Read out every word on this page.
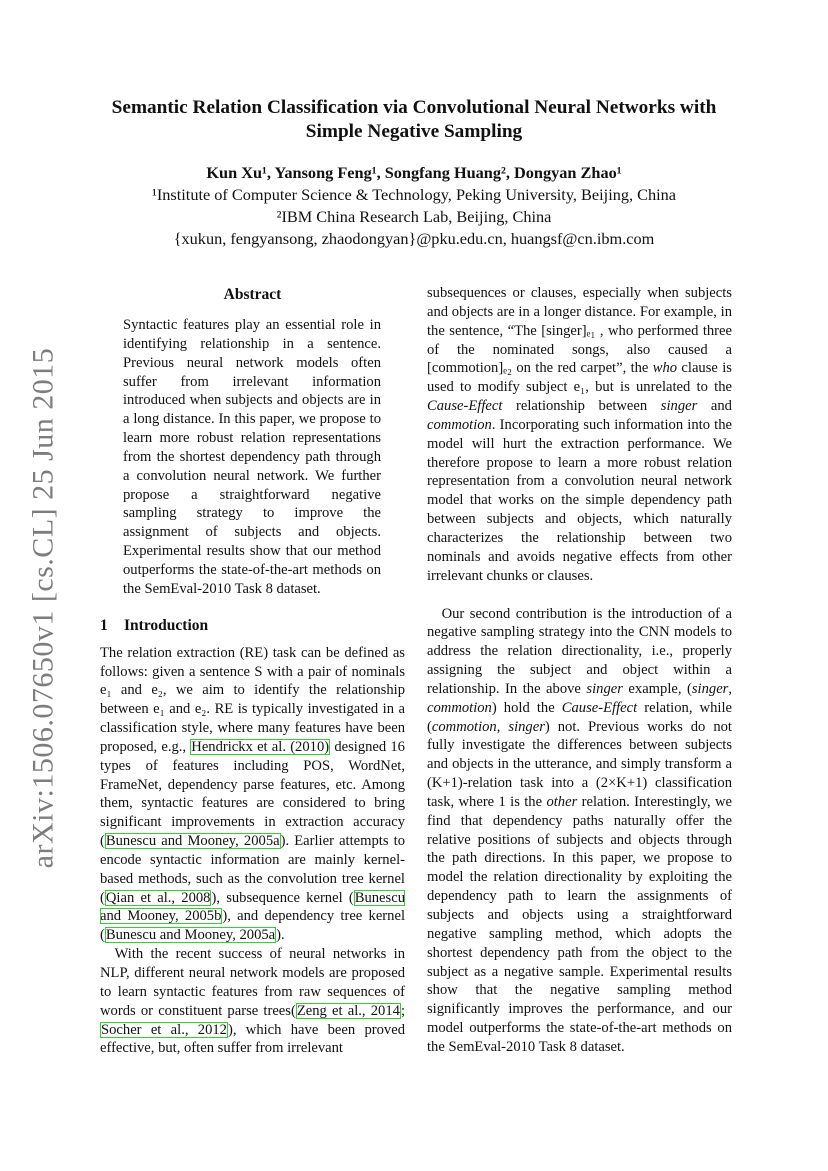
arXiv:1506.07650v1 [cs.CL] 25 Jun 2015
Semantic Relation Classification via Convolutional Neural Networks with Simple Negative Sampling
Kun Xu¹, Yansong Feng¹, Songfang Huang², Dongyan Zhao¹
¹Institute of Computer Science & Technology, Peking University, Beijing, China
²IBM China Research Lab, Beijing, China
{xukun, fengyansong, zhaodongyan}@pku.edu.cn, huangsf@cn.ibm.com
Abstract

Syntactic features play an essential role in identifying relationship in a sentence. Previous neural network models often suffer from irrelevant information introduced when subjects and objects are in a long distance. In this paper, we propose to learn more robust relation representations from the shortest dependency path through a convolution neural network. We further propose a straightforward negative sampling strategy to improve the assignment of subjects and objects. Experimental results show that our method outperforms the state-of-the-art methods on the SemEval-2010 Task 8 dataset.

1 Introduction

The relation extraction (RE) task can be defined as follows: given a sentence S with a pair of nominals e₁ and e₂, we aim to identify the relationship between e₁ and e₂. RE is typically investigated in a classification style, where many features have been proposed, e.g., Hendrickx et al. (2010) designed 16 types of features including POS, WordNet, FrameNet, dependency parse features, etc. Among them, syntactic features are considered to bring significant improvements in extraction accuracy (Bunescu and Mooney, 2005a). Earlier attempts to encode syntactic information are mainly kernel-based methods, such as the convolution tree kernel (Qian et al., 2008), subsequence kernel (Bunescu and Mooney, 2005b), and dependency tree kernel (Bunescu and Mooney, 2005a).

With the recent success of neural networks in NLP, different neural network models are proposed to learn syntactic features from raw sequences of words or constituent parse trees(Zeng et al., 2014; Socher et al., 2012), which have been proved effective, but, often suffer from irrelevant

subsequences or clauses, especially when subjects and objects are in a longer distance. For example, in the sentence, “The [singer]ₑ₁ , who performed three of the nominated songs, also caused a [commotion]ₑ₂ on the red carpet”, the who clause is used to modify subject e₁, but is unrelated to the Cause-Effect relationship between singer and commotion. Incorporating such information into the model will hurt the extraction performance. We therefore propose to learn a more robust relation representation from a convolution neural network model that works on the simple dependency path between subjects and objects, which naturally characterizes the relationship between two nominals and avoids negative effects from other irrelevant chunks or clauses.

Our second contribution is the introduction of a negative sampling strategy into the CNN models to address the relation directionality, i.e., properly assigning the subject and object within a relationship. In the above singer example, (singer, commotion) hold the Cause-Effect relation, while (commotion, singer) not. Previous works do not fully investigate the differences between subjects and objects in the utterance, and simply transform a (K+1)-relation task into a (2×K+1) classification task, where 1 is the other relation. Interestingly, we find that dependency paths naturally offer the relative positions of subjects and objects through the path directions. In this paper, we propose to model the relation directionality by exploiting the dependency path to learn the assignments of subjects and objects using a straightforward negative sampling method, which adopts the shortest dependency path from the object to the subject as a negative sample. Experimental results show that the negative sampling method significantly improves the performance, and our model outperforms the state-of-the-art methods on the SemEval-2010 Task 8 dataset.
